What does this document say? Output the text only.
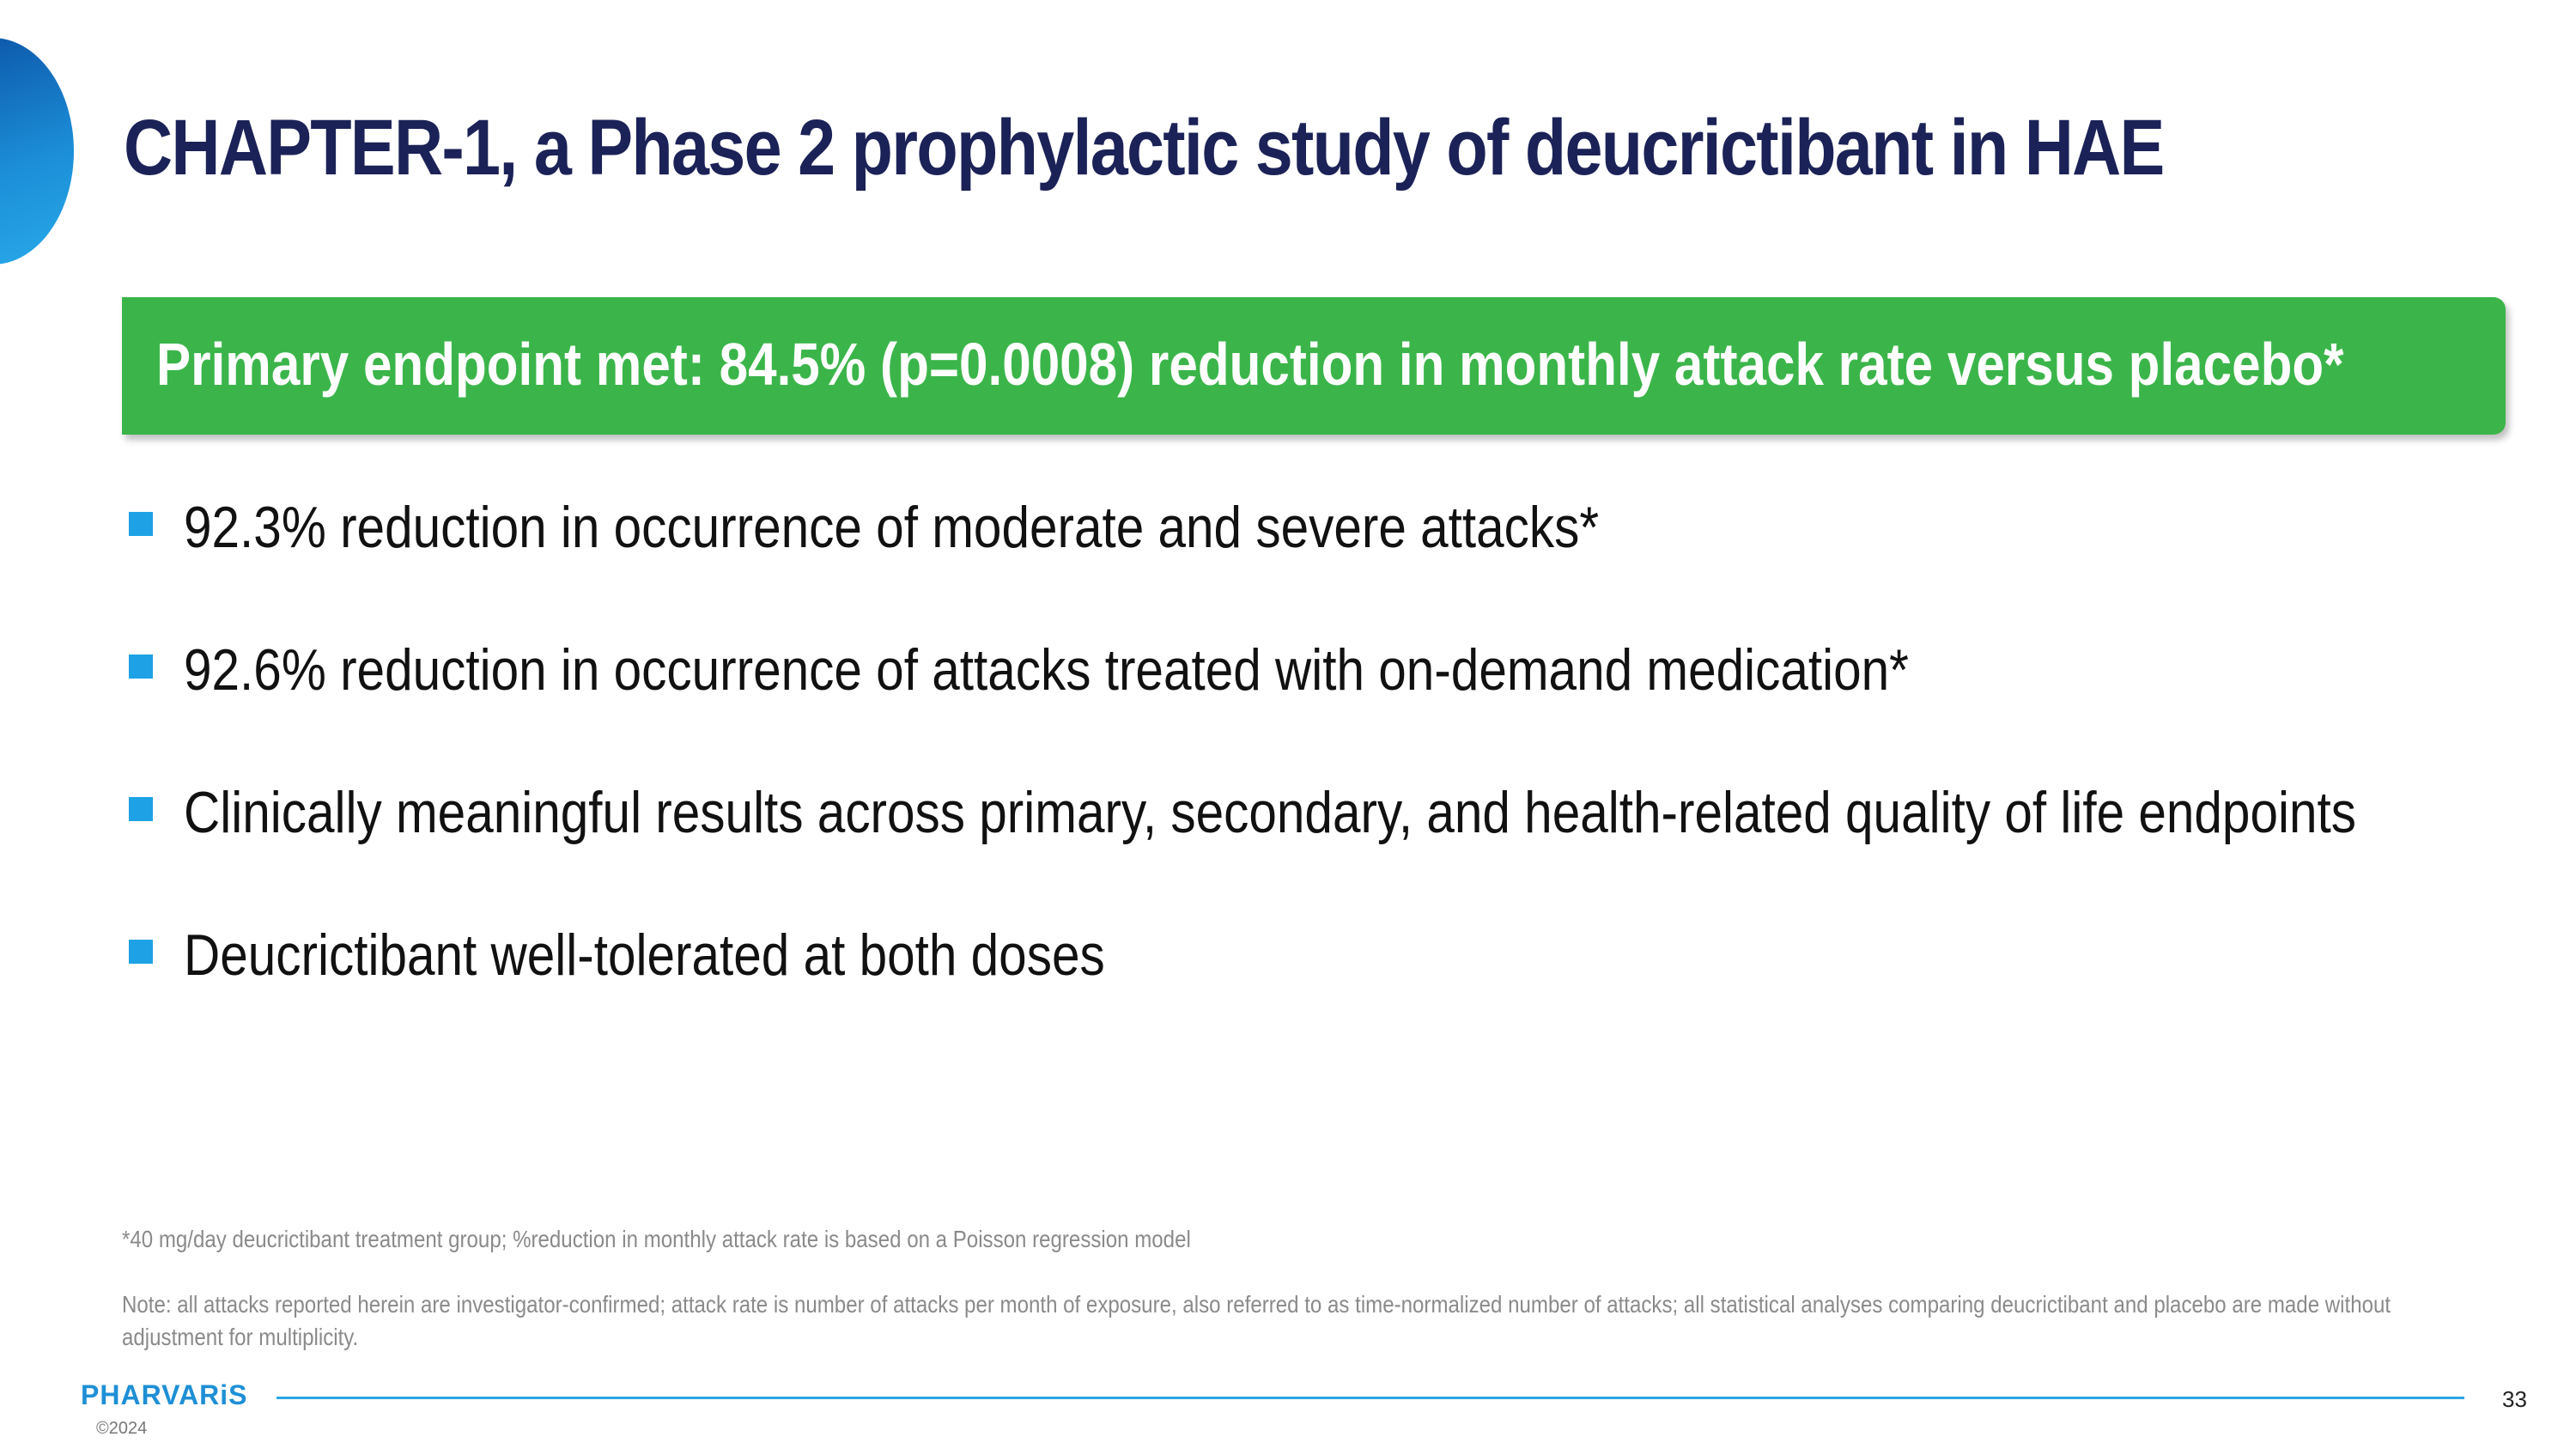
CHAPTER-1, a Phase 2 prophylactic study of deucrictibant in HAE
Primary endpoint met: 84.5% (p=0.0008) reduction in monthly attack rate versus placebo*
92.3% reduction in occurrence of moderate and severe attacks*
92.6% reduction in occurrence of attacks treated with on-demand medication*
Clinically meaningful results across primary, secondary, and health-related quality of life endpoints
Deucrictibant well-tolerated at both doses
*40 mg/day deucrictibant treatment group; %reduction in monthly attack rate is based on a Poisson regression model
Note: all attacks reported herein are investigator-confirmed; attack rate is number of attacks per month of exposure, also referred to as time-normalized number of attacks; all statistical analyses comparing deucrictibant and placebo are made without adjustment for multiplicity.
PHARVARiS
©2024
33
